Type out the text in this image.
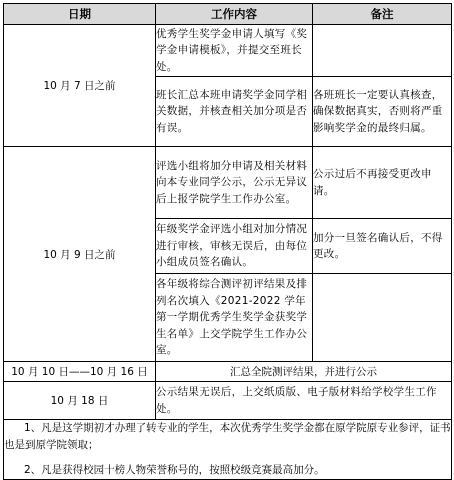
日期	工作内容	备注
10 月 7 日之前	优秀学生奖学金申请人填写《奖学金申请模板》，并提交至班长处。	
	班长汇总本班申请奖学金同学相关数据，并核查相关加分项是否有误。	各班班长一定要认真核查，确保数据真实，否则将严重影响奖学金的最终归属。
10 月 9 日之前	评选小组将加分申请及相关材料向本专业同学公示，公示无异议后上报学院学生工作办公室。	公示过后不再接受更改申请。
	年级奖学金评选小组对加分情况进行审核，审核无误后，由每位小组成员签名确认。	加分一旦签名确认后，不得更改。
	各年级将综合测评初评结果及排列名次填入《2021-2022 学年第一学期优秀学生奖学金获奖学生名单》上交学院学生工作办公室。	
10 月 10 日——10 月 16 日	汇总全院测评结果，并进行公示	
10 月 18 日	公示结果无误后，上交纸质版、电子版材料给学校学生工作处。	

1、凡是这学期初才办理了转专业的学生，本次优秀学生奖学金都在原学院原专业参评，证书也是到原学院领取；

2、凡是获得校园十榜人物荣誉称号的，按照校级竞赛最高加分。		
